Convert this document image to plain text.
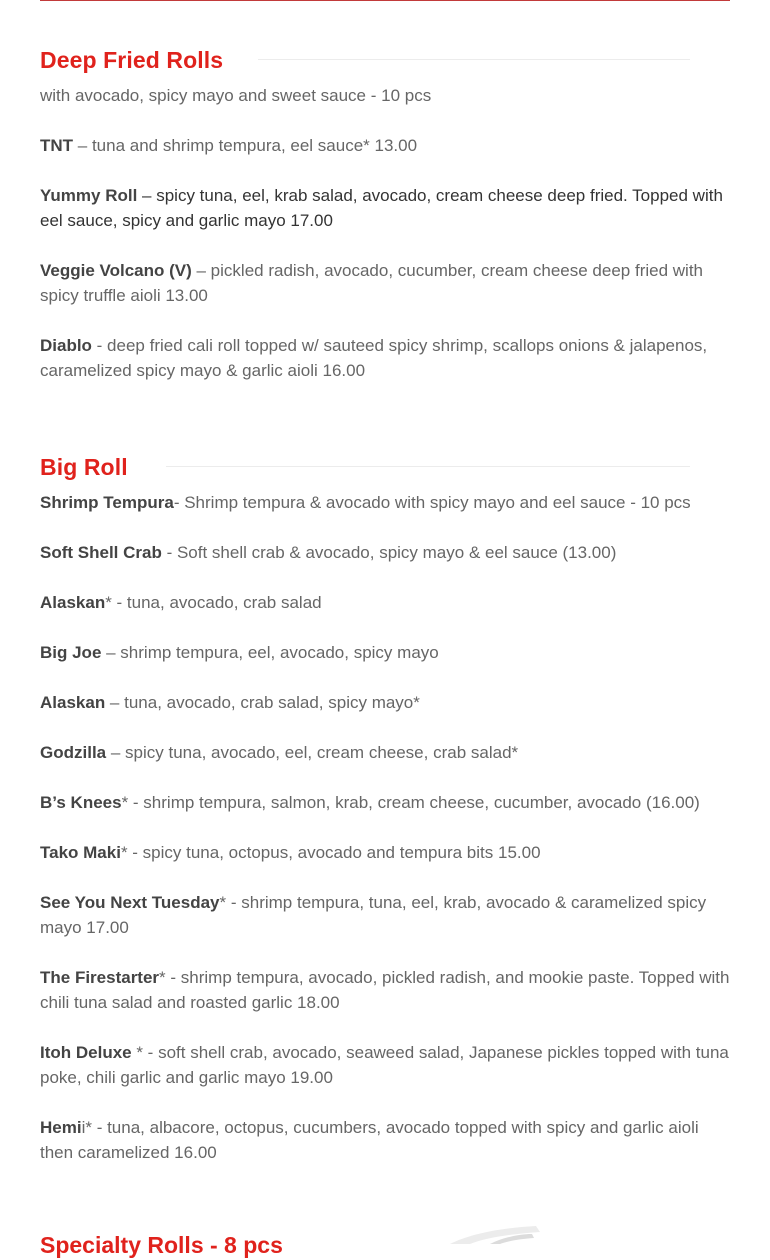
Deep Fried Rolls
with avocado, spicy mayo and sweet sauce - 10 pcs

TNT – tuna and shrimp tempura, eel sauce* 13.00

Yummy Roll – spicy tuna, eel, krab salad, avocado, cream cheese deep fried. Topped with eel sauce, spicy and garlic mayo 17.00

Veggie Volcano (V) – pickled radish, avocado, cucumber, cream cheese deep fried with spicy truffle aioli 13.00

Diablo - deep fried cali roll topped w/ sauteed spicy shrimp, scallops onions & jalapenos, caramelized spicy mayo & garlic aioli 16.00

Big Roll

Shrimp Tempura- Shrimp tempura & avocado with spicy mayo and eel sauce - 10 pcs

Soft Shell Crab - Soft shell crab & avocado, spicy mayo & eel sauce (13.00)

Alaskan* - tuna, avocado, crab salad

Big Joe – shrimp tempura, eel, avocado, spicy mayo

Alaskan – tuna, avocado, crab salad, spicy mayo*

Godzilla – spicy tuna, avocado, eel, cream cheese, crab salad*

B’s Knees* - shrimp tempura, salmon, krab, cream cheese, cucumber, avocado (16.00)

Tako Maki* - spicy tuna, octopus, avocado and tempura bits 15.00

See You Next Tuesday* - shrimp tempura, tuna, eel, krab, avocado & caramelized spicy mayo 17.00

The Firestarter* - shrimp tempura, avocado, pickled radish, and mookie paste. Topped with chili tuna salad and roasted garlic 18.00

Itoh Deluxe * - soft shell crab, avocado, seaweed salad, Japanese pickles topped with tuna poke, chili garlic and garlic mayo 19.00

Hemii* - tuna, albacore, octopus, cucumbers, avocado topped with spicy and garlic aioli then caramelized 16.00

Specialty Rolls - 8 pcs
